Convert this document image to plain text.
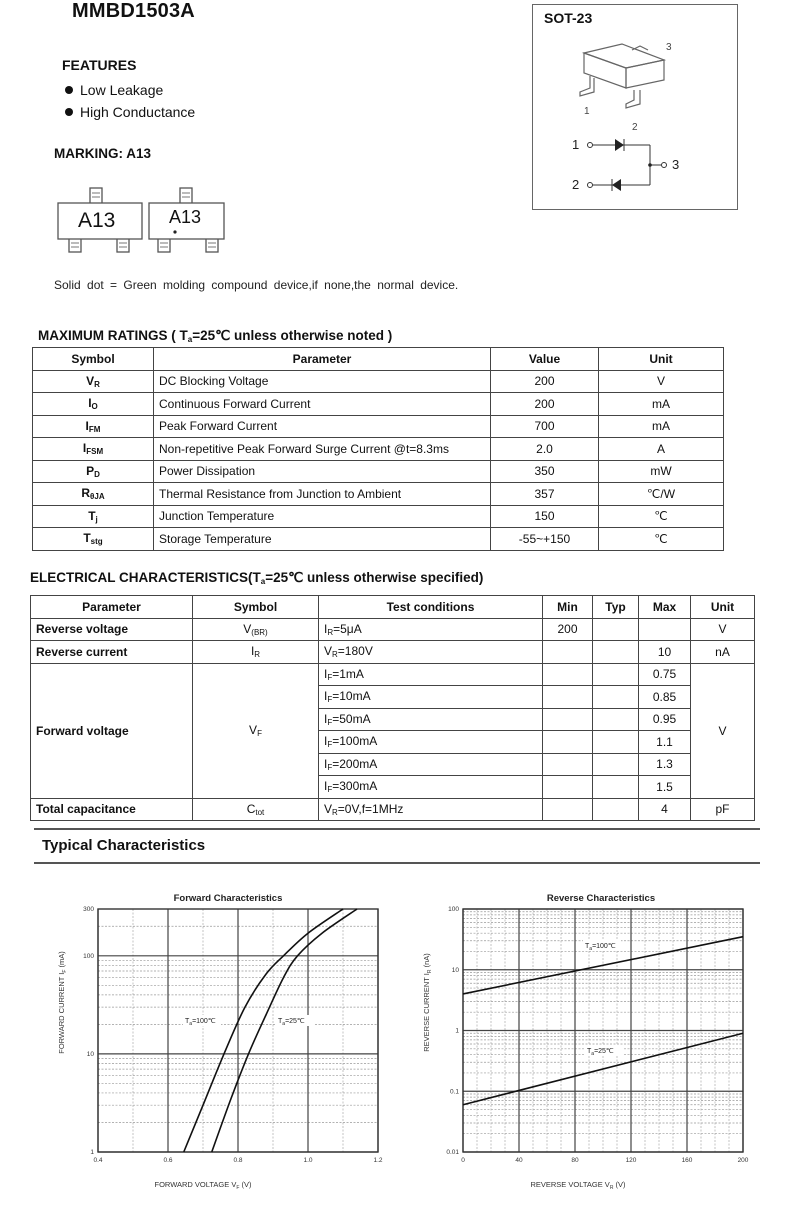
MMBD1503A
FEATURES
Low Leakage
High Conductance
MARKING: A13
A13	A13
Solid dot = Green molding compound device,if none,the normal device.
SOT-23
3
1
2
1
2
3
MAXIMUM RATINGS ( $T_a=25℃$ unless otherwise noted )
Symbol	Parameter	Value	Unit
$V_R$	DC Blocking Voltage	200	V
$I_O$	Continuous Forward Current	200	mA
$I_{FM}$	Peak Forward Current	700	mA
$I_{FSM}$	Non-repetitive Peak Forward Surge Current @t=8.3ms	2.0	A
$P_D$	Power Dissipation	350	mW
$R_{\theta JA}$	Thermal Resistance from Junction to Ambient	357	℃/W
$T_j$	Junction Temperature	150	℃
$T_{stg}$	Storage Temperature	-55~+150	℃
ELECTRICAL $CHARACTERISTICS(T_a=25℃$ unless otherwise specified)
Parameter	Symbol	Test conditions	Min	Typ	Max	Unit
Reverse voltage	$V_{(BR)}$	$I_R=5\mu A$	200			V
Reverse current	$I_R$	$V_R=180V$			10	nA
Forward voltage	$V_F$	$I_F=1mA$			0.75	V
		$I_F=10mA$			0.85	
		$I_F=50mA$			0.95	
		$I_F=100mA$			1.1	
		$I_F=200mA$			1.3	
		$I_F=300mA$			1.5	
Total capacitance	$C_{tot}$	$V_R=0V,f=1MHz$			4	pF
Typical Characteristics
0.4	0.6	0.8	1.0	1.2
1
10
100
300
Forward Characteristics
FORWARD VOLTAGE $V_F$ (V)
FORWARD CURRENT $I_F$ (mA)
$T_a=100℃$	$T_a=25℃$
0	40	80	120	160	200
0.01
0.1
1
10
100
Reverse Characteristics
REVERSE VOLTAGE $V_R$ (V)
REVERSE CURRENT $I_R$ (nA)
$T_a=100℃$
$T_a=25℃$
